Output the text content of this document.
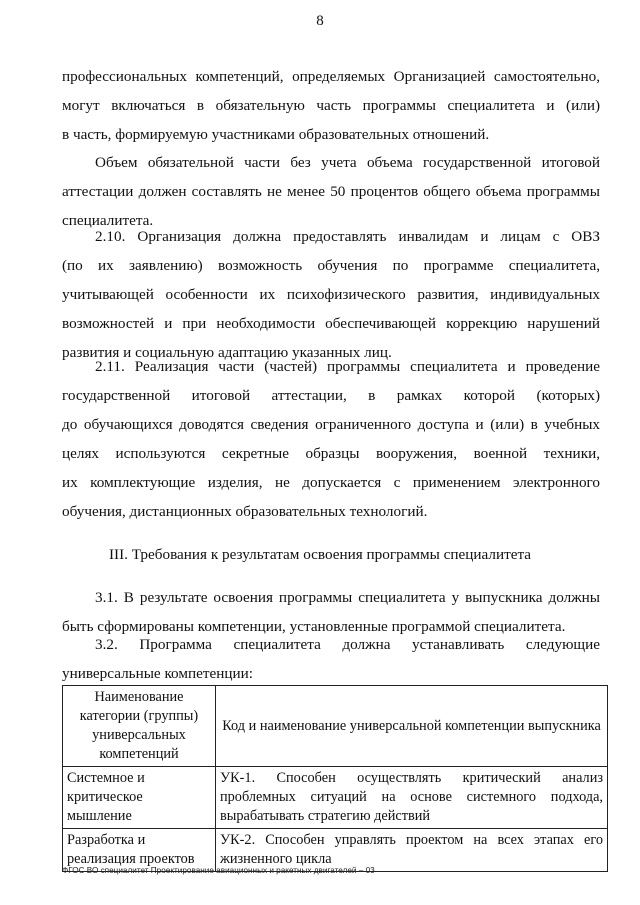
8
профессиональных компетенций, определяемых Организацией самостоятельно,
могут включаться в обязательную часть программы специалитета и (или)
в часть, формируемую участниками образовательных отношений.
Объем обязательной части без учета объема государственной итоговой
аттестации должен составлять не менее 50 процентов общего объема программы
специалитета.
2.10. Организация должна предоставлять инвалидам и лицам с ОВЗ
(по их заявлению) возможность обучения по программе специалитета,
учитывающей особенности их психофизического развития, индивидуальных
возможностей и при необходимости обеспечивающей коррекцию нарушений
развития и социальную адаптацию указанных лиц.
2.11. Реализация части (частей) программы специалитета и проведение
государственной итоговой аттестации, в рамках которой (которых)
до обучающихся доводятся сведения ограниченного доступа и (или) в учебных
целях используются секретные образцы вооружения, военной техники,
их комплектующие изделия, не допускается с применением электронного
обучения, дистанционных образовательных технологий.
III. Требования к результатам освоения программы специалитета
3.1. В результате освоения программы специалитета у выпускника должны
быть сформированы компетенции, установленные программой специалитета.
3.2. Программа специалитета должна устанавливать следующие
универсальные компетенции:
Наименование категории (группы) универсальных компетенций	Код и наименование универсальной компетенции выпускника
Системное и критическое мышление	УК-1. Способен осуществлять критический анализ проблемных ситуаций на основе системного подхода, вырабатывать стратегию действий
Разработка и реализация проектов	УК-2. Способен управлять проектом на всех этапах его жизненного цикла
ФГОС ВО специалитет Проектирование авиационных и ракетных двигателей – 03
